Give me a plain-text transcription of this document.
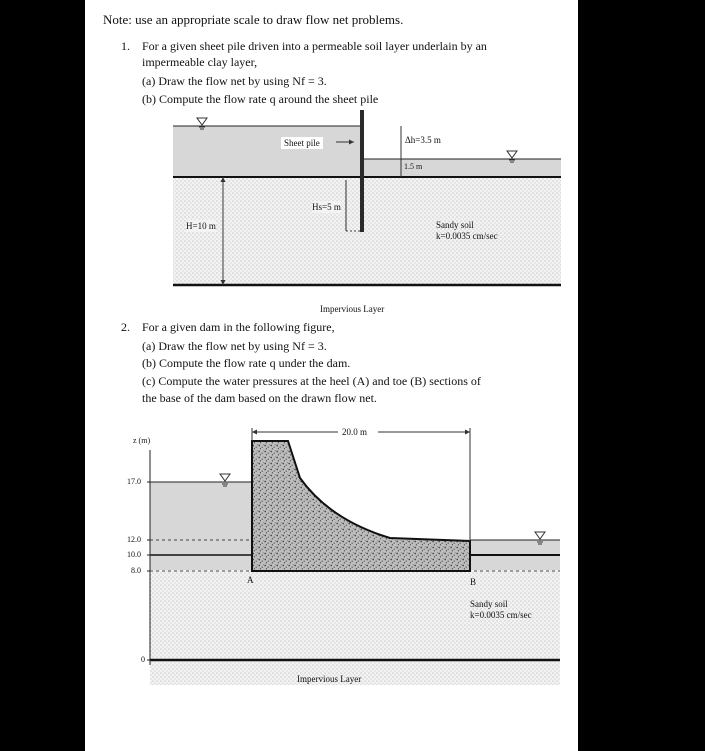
Note: use an appropriate scale to draw flow net problems.
1. For a given sheet pile driven into a permeable soil layer underlain by an
impermeable clay layer,
(a) Draw the flow net by using Nf = 3.
(b) Compute the flow rate q around the sheet pile
Sheet pile	Δh=3.5 m
1.5 m
Hs=5 m
H=10 m	Sandy soil
k=0.0035 cm/sec
Impervious Layer
2. For a given dam in the following figure,
(a) Draw the flow net by using Nf = 3.
(b) Compute the flow rate q under the dam.
(c) Compute the water pressures at the heel (A) and toe (B) sections of
the base of the dam based on the drawn flow net.
z (m)
17.0
12.0
10.0
8.0
0
20.0 m
A	B
Sandy soil
k=0.0035 cm/sec
Impervious Layer
